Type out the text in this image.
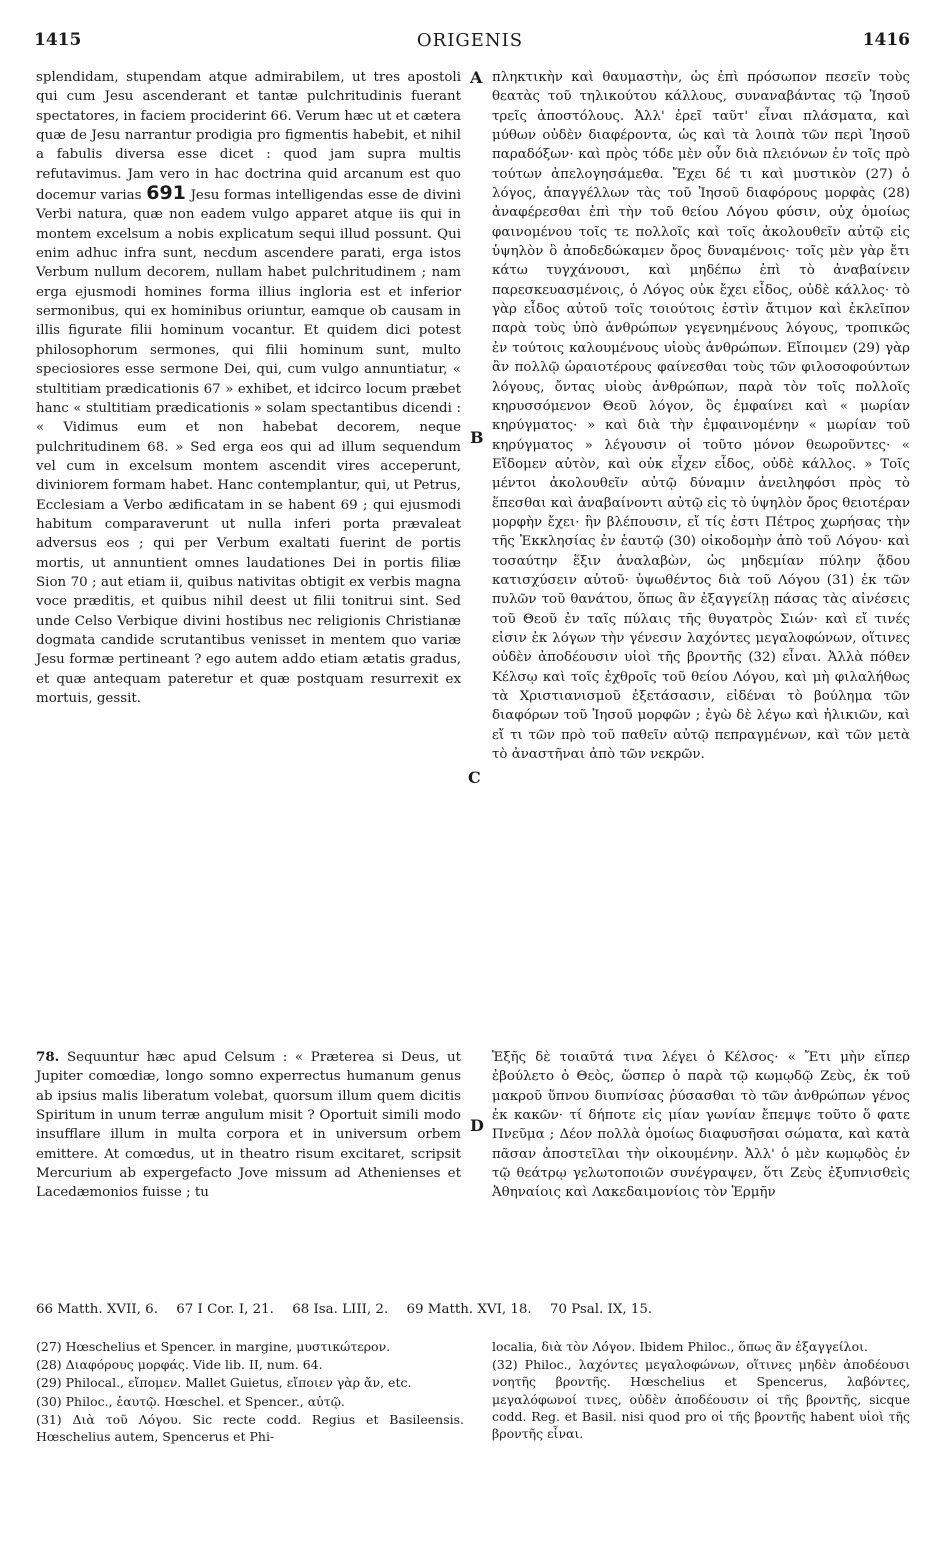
1415	ORIGENIS	1416
A
B
C
D

splendidam, stupendam atque admirabilem, ut tres apostoli qui cum Jesu ascenderant et tantæ pulchritudinis fuerant spectatores, in faciem prociderint 66. Verum hæc ut et cætera quæ de Jesu narrantur prodigia pro figmentis habebit, et nihil a fabulis diversa esse dicet : quod jam supra multis refutavimus. Jam vero in hac doctrina quid arcanum est quo docemur varias 691 Jesu formas intelligendas esse de divini Verbi natura, quæ non eadem vulgo apparet atque iis qui in montem excelsum a nobis explicatum sequi illud possunt. Qui enim adhuc infra sunt, necdum ascendere parati, erga istos Verbum nullum decorem, nullam habet pulchritudinem ; nam erga ejusmodi homines forma illius ingloria est et inferior sermonibus, qui ex hominibus oriuntur, eamque ob causam in illis figurate filii hominum vocantur. Et quidem dici potest philosophorum sermones, qui filii hominum sunt, multo speciosiores esse sermone Dei, qui, cum vulgo annuntiatur, « stultitiam prædicationis 67 » exhibet, et idcirco locum præbet hanc « stultitiam prædicationis » solam spectantibus dicendi : « Vidimus eum et non habebat decorem, neque pulchritudinem 68. » Sed erga eos qui ad illum sequendum vel cum in excelsum montem ascendit vires acceperunt, diviniorem formam habet. Hanc contemplantur, qui, ut Petrus, Ecclesiam a Verbo ædificatam in se habent 69 ; qui ejusmodi habitum comparaverunt ut nulla inferi porta prævaleat adversus eos ; qui per Verbum exaltati fuerint de portis mortis, ut annuntient omnes laudationes Dei in portis filiæ Sion 70 ; aut etiam ii, quibus nativitas obtigit ex verbis magna voce præditis, et quibus nihil deest ut filii tonitrui sint. Sed unde Celso Verbique divini hostibus nec religionis Christianæ dogmata candide scrutantibus venisset in mentem quo variæ Jesu formæ pertineant ? ego autem addo etiam ætatis gradus, et quæ antequam pateretur et quæ postquam resurrexit ex mortuis, gessit.

πληκτικὴν καὶ θαυμαστὴν, ὡς ἐπὶ πρόσωπον πεσεῖν τοὺς θεατὰς τοῦ τηλικούτου κάλλους, συναναβάντας τῷ Ἰησοῦ τρεῖς ἀποστόλους. Ἀλλ' ἐρεῖ ταῦτ' εἶναι πλάσματα, καὶ μύθων οὐδὲν διαφέροντα, ὡς καὶ τὰ λοιπὰ τῶν περὶ Ἰησοῦ παραδόξων· καὶ πρὸς τόδε μὲν οὖν διὰ πλειόνων ἐν τοῖς πρὸ τούτων ἀπελογησάμεθα. Ἔχει δέ τι καὶ μυστικὸν (27) ὁ λόγος, ἀπαγγέλλων τὰς τοῦ Ἰησοῦ διαφόρους μορφὰς (28) ἀναφέρεσθαι ἐπὶ τὴν τοῦ θείου Λόγου φύσιν, οὐχ ὁμοίως φαινομένου τοῖς τε πολλοῖς καὶ τοῖς ἀκολουθεῖν αὐτῷ εἰς ὑψηλὸν ὃ ἀποδεδώκαμεν ὄρος δυναμένοις· τοῖς μὲν γὰρ ἔτι κάτω τυγχάνουσι, καὶ μηδέπω ἐπὶ τὸ ἀναβαίνειν παρεσκευασμένοις, ὁ Λόγος οὐκ ἔχει εἶδος, οὐδὲ κάλλος· τὸ γὰρ εἶδος αὐτοῦ τοῖς τοιούτοις ἐστὶν ἄτιμον καὶ ἐκλεῖπον παρὰ τοὺς ὑπὸ ἀνθρώπων γεγενημένους λόγους, τροπικῶς ἐν τούτοις καλουμένους υἱοὺς ἀνθρώπων. Εἴποιμεν (29) γὰρ ἂν πολλῷ ὡραιοτέρους φαίνεσθαι τοὺς τῶν φιλοσοφούντων λόγους, ὄντας υἱοὺς ἀνθρώπων, παρὰ τὸν τοῖς πολλοῖς κηρυσσόμενον Θεοῦ λόγον, ὃς ἐμφαίνει καὶ « μωρίαν κηρύγματος· » καὶ διὰ τὴν ἐμφαινομένην « μωρίαν τοῦ κηρύγματος » λέγουσιν οἱ τοῦτο μόνον θεωροῦντες· « Εἴδομεν αὐτὸν, καὶ οὐκ εἶχεν εἶδος, οὐδὲ κάλλος. » Τοῖς μέντοι ἀκολουθεῖν αὐτῷ δύναμιν ἀνειληφόσι πρὸς τὸ ἕπεσθαι καὶ ἀναβαίνοντι αὐτῷ εἰς τὸ ὑψηλὸν ὄρος θειοτέραν μορφὴν ἔχει· ἣν βλέπουσιν, εἴ τίς ἐστι Πέτρος χωρήσας τὴν τῆς Ἐκκλησίας ἐν ἑαυτῷ (30) οἰκοδομὴν ἀπὸ τοῦ Λόγου· καὶ τοσαύτην ἕξιν ἀναλαβὼν, ὡς μηδεμίαν πύλην ᾅδου κατισχύσειν αὐτοῦ· ὑψωθέντος διὰ τοῦ Λόγου (31) ἐκ τῶν πυλῶν τοῦ θανάτου, ὅπως ἂν ἐξαγγείλῃ πάσας τὰς αἰνέσεις τοῦ Θεοῦ ἐν ταῖς πύλαις τῆς θυγατρὸς Σιών· καὶ εἴ τινές εἰσιν ἐκ λόγων τὴν γένεσιν λαχόντες μεγαλοφώνων, οἵτινες οὐδὲν ἀποδέουσιν υἱοὶ τῆς βροντῆς (32) εἶναι. Ἀλλὰ πόθεν Κέλσῳ καὶ τοῖς ἐχθροῖς τοῦ θείου Λόγου, καὶ μὴ φιλαλήθως τὰ Χριστιανισμοῦ ἐξετάσασιν, εἰδέναι τὸ βούλημα τῶν διαφόρων τοῦ Ἰησοῦ μορφῶν ; ἐγὼ δὲ λέγω καὶ ἡλικιῶν, καὶ εἴ τι τῶν πρὸ τοῦ παθεῖν αὐτῷ πεπραγμένων, καὶ τῶν μετὰ τὸ ἀναστῆναι ἀπὸ τῶν νεκρῶν.

78. Sequuntur hæc apud Celsum : « Præterea si Deus, ut Jupiter comœdiæ, longo somno experrectus humanum genus ab ipsius malis liberatum volebat, quorsum illum quem dicitis Spiritum in unum terræ angulum misit ? Oportuit simili modo insufflare illum in multa corpora et in universum orbem emittere. At comœdus, ut in theatro risum excitaret, scripsit Mercurium ab expergefacto Jove missum ad Athenienses et Lacedæmonios fuisse ; tu

Ἑξῆς δὲ τοιαῦτά τινα λέγει ὁ Κέλσος· « Ἔτι μὴν εἴπερ ἐβούλετο ὁ Θεὸς, ὥσπερ ὁ παρὰ τῷ κωμῳδῷ Ζεὺς, ἐκ τοῦ μακροῦ ὕπνου διυπνίσας ῥύσασθαι τὸ τῶν ἀνθρώπων γένος ἐκ κακῶν· τί δήποτε εἰς μίαν γωνίαν ἔπεμψε τοῦτο ὅ φατε Πνεῦμα ; Δέον πολλὰ ὁμοίως διαφυσῆσαι σώματα, καὶ κατὰ πᾶσαν ἀποστεῖλαι τὴν οἰκουμένην. Ἀλλ' ὁ μὲν κωμῳδὸς ἐν τῷ θεάτρῳ γελωτοποιῶν συνέγραψεν, ὅτι Ζεὺς ἐξυπνισθεὶς Ἀθηναίοις καὶ Λακεδαιμονίοις τὸν Ἑρμῆν

66 Matth. XVII, 6. 67 I Cor. I, 21. 68 Isa. LIII, 2. 69 Matth. XVI, 18. 70 Psal. IX, 15.

(27) Hœschelius et Spencer. in margine, μυστικώτερον.

(28) Διαφόρους μορφάς. Vide lib. II, num. 64.

(29) Philocal., εἴπομεν. Mallet Guietus, εἴποιεν γὰρ ἄν, etc.

(30) Philoc., ἑαυτῷ. Hœschel. et Spencer., αὐτῷ.

(31) Διὰ τοῦ Λόγου. Sic recte codd. Regius et Basileensis. Hœschelius autem, Spencerus et Phi-

localia, διὰ τὸν Λόγον. Ibidem Philoc., ὅπως ἂν ἐξαγγείλοι.

(32) Philoc., λαχόντες μεγαλοφώνων, οἵτινες μηδὲν ἀποδέουσι νοητῆς βροντῆς. Hœschelius et Spencerus, λαβόντες, μεγαλόφωνοί τινες, οὐδὲν ἀποδέουσιν οἱ τῆς βροντῆς, sicque codd. Reg. et Basil. nisi quod pro οἱ τῆς βροντῆς habent υἱοὶ τῆς βροντῆς εἶναι.
